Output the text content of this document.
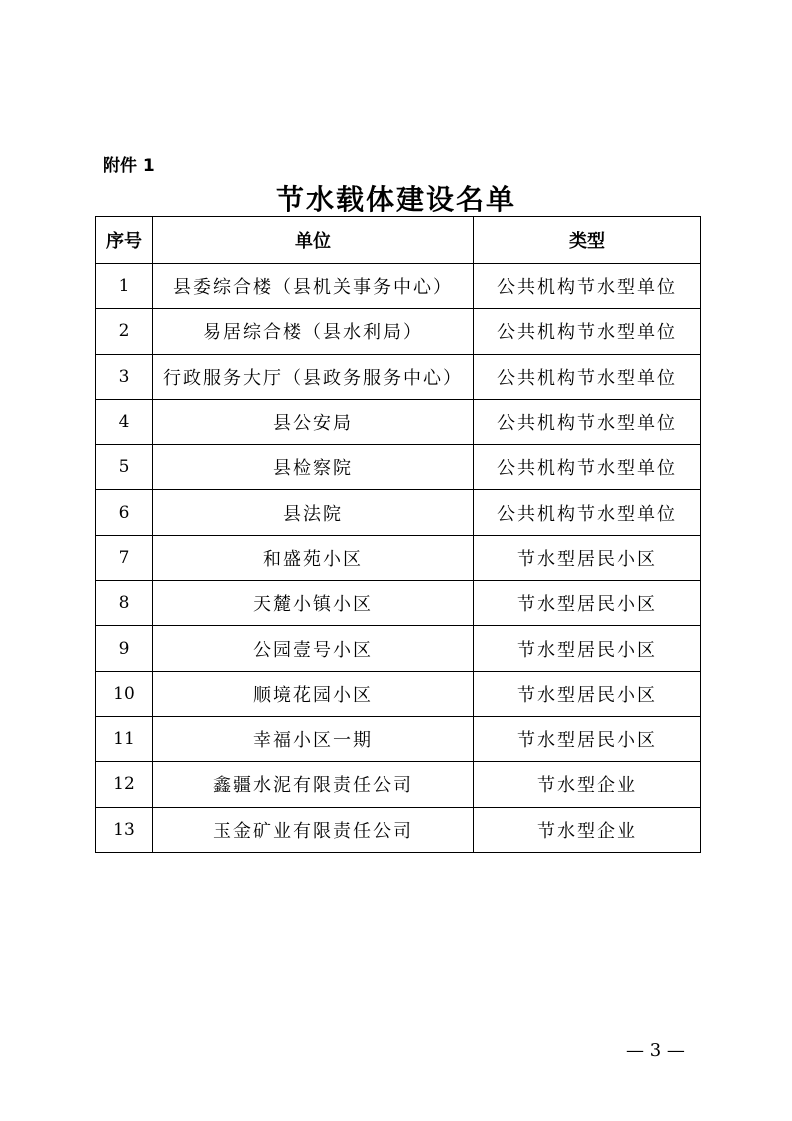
附件 1
节水载体建设名单
序号	单位	类型
1	县委综合楼（县机关事务中心）	公共机构节水型单位
2	易居综合楼（县水利局）	公共机构节水型单位
3	行政服务大厅（县政务服务中心）	公共机构节水型单位
4	县公安局	公共机构节水型单位
5	县检察院	公共机构节水型单位
6	县法院	公共机构节水型单位
7	和盛苑小区	节水型居民小区
8	天麓小镇小区	节水型居民小区
9	公园壹号小区	节水型居民小区
10	顺境花园小区	节水型居民小区
11	幸福小区一期	节水型居民小区
12	鑫疆水泥有限责任公司	节水型企业
13	玉金矿业有限责任公司	节水型企业
— 3 —
